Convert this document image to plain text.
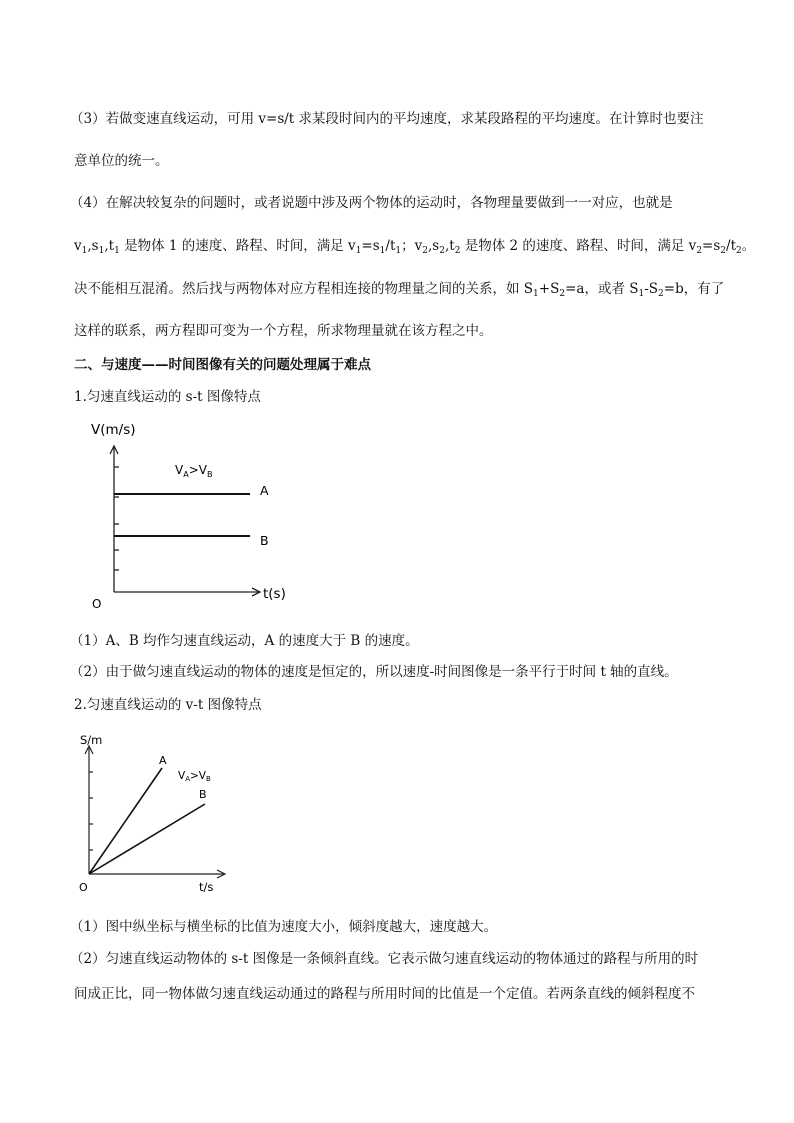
（3）若做变速直线运动，可用 v=s/t 求某段时间内的平均速度，求某段路程的平均速度。在计算时也要注
意单位的统一。
（4）在解决较复杂的问题时，或者说题中涉及两个物体的运动时，各物理量要做到一一对应，也就是
$v_1,s_1,t_1$ 是物体 1 的速度、路程、时间，满足 $v_1=s_1/t_1$；$v_2,s_2,t_2$ 是物体 2 的速度、路程、时间，满足 $v_2=s_2/t_2$。
决不能相互混淆。然后找与两物体对应方程相连接的物理量之间的关系，如 $S_1+S_2=a$，或者 $S_1-S_2=b$，有了
这样的联系，两方程即可变为一个方程，所求物理量就在该方程之中。
二、与速度——时间图像有关的问题处理属于难点
1.匀速直线运动的 s-t 图像特点
V(m/s)
t(s)
O
$V_A>V_B$
A
B
（1）A、B 均作匀速直线运动，A 的速度大于 B 的速度。
（2）由于做匀速直线运动的物体的速度是恒定的，所以速度-时间图像是一条平行于时间 t 轴的直线。
2.匀速直线运动的 v-t 图像特点
S/m
t/s
O
A
VA>VB
B
（1）图中纵坐标与横坐标的比值为速度大小，倾斜度越大，速度越大。
（2）匀速直线运动物体的 s-t 图像是一条倾斜直线。它表示做匀速直线运动的物体通过的路程与所用的时
间成正比，同一物体做匀速直线运动通过的路程与所用时间的比值是一个定值。若两条直线的倾斜程度不
